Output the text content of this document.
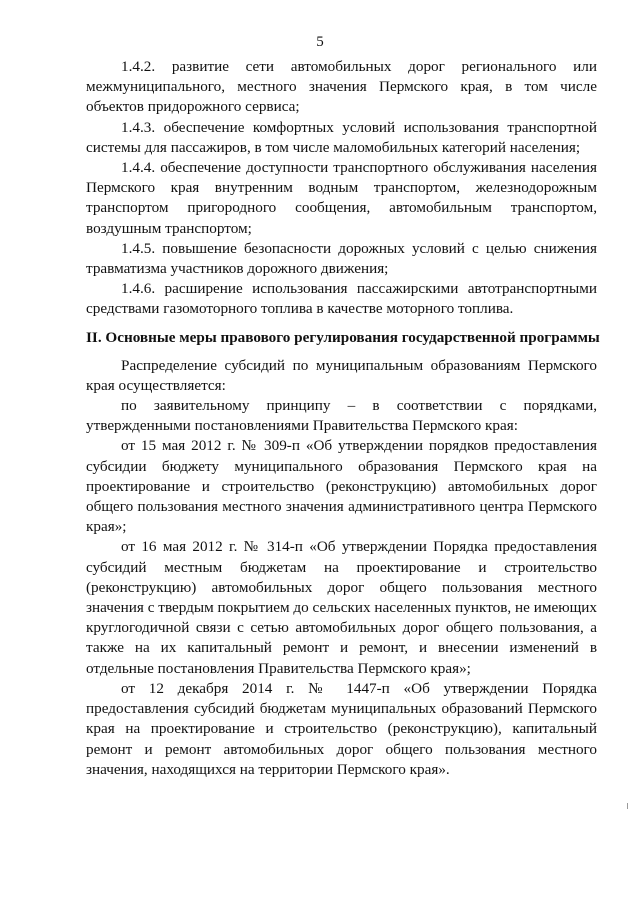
5

1.4.2. развитие сети автомобильных дорог регионального или межмуниципального, местного значения Пермского края, в том числе объектов придорожного сервиса;

1.4.3. обеспечение комфортных условий использования транспортной системы для пассажиров, в том числе маломобильных категорий населения;

1.4.4. обеспечение доступности транспортного обслуживания населения Пермского края внутренним водным транспортом, железнодорожным транспортом пригородного сообщения, автомобильным транспортом, воздушным транспортом;

1.4.5. повышение безопасности дорожных условий с целью снижения травматизма участников дорожного движения;

1.4.6. расширение использования пассажирскими автотранспортными средствами газомоторного топлива в качестве моторного топлива.

II. Основные меры правового регулирования государственной программы

Распределение субсидий по муниципальным образованиям Пермского края осуществляется:

по заявительному принципу – в соответствии с порядками, утвержденными постановлениями Правительства Пермского края:

от 15 мая 2012 г. № 309-п «Об утверждении порядков предоставления субсидии бюджету муниципального образования Пермского края на проектирование и строительство (реконструкцию) автомобильных дорог общего пользования местного значения административного центра Пермского края»;

от 16 мая 2012 г. № 314-п «Об утверждении Порядка предоставления субсидий местным бюджетам на проектирование и строительство (реконструкцию) автомобильных дорог общего пользования местного значения с твердым покрытием до сельских населенных пунктов, не имеющих круглогодичной связи с сетью автомобильных дорог общего пользования, а также на их капитальный ремонт и ремонт, и внесении изменений в отдельные постановления Правительства Пермского края»;

от 12 декабря 2014 г. № 1447-п «Об утверждении Порядка предоставления субсидий бюджетам муниципальных образований Пермского края на проектирование и строительство (реконструкцию), капитальный ремонт и ремонт автомобильных дорог общего пользования местного значения, находящихся на территории Пермского края».
